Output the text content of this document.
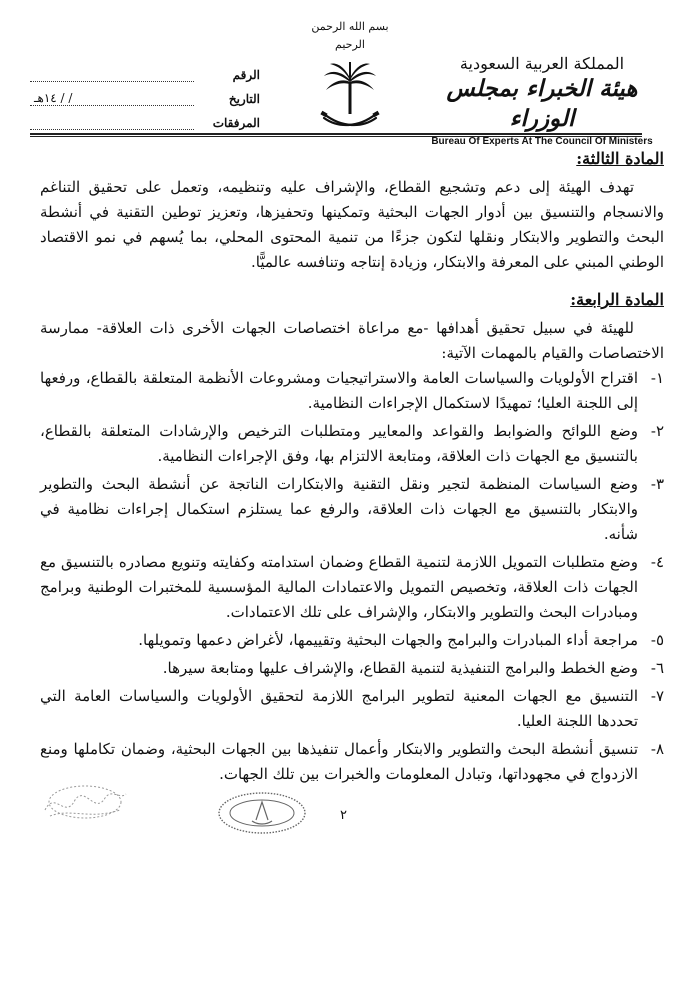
المملكة العربية السعودية
هيئة الخبراء بمجلس الوزراء
Bureau Of Experts At The Council Of Ministers
بسم الله الرحمن الرحيم
الرقم
التاريخ
/ / ١٤هـ
المرفقات
المادة الثالثة:

تهدف الهيئة إلى دعم وتشجيع القطاع، والإشراف عليه وتنظيمه، وتعمل على تحقيق التناغم والانسجام والتنسيق بين أدوار الجهات البحثية وتمكينها وتحفيزها، وتعزيز توطين التقنية في أنشطة البحث والتطوير والابتكار ونقلها لتكون جزءًا من تنمية المحتوى المحلي، بما يُسهم في نمو الاقتصاد الوطني المبني على المعرفة والابتكار، وزيادة إنتاجه وتنافسه عالميًّا.

المادة الرابعة:

للهيئة في سبيل تحقيق أهدافها -مع مراعاة اختصاصات الجهات الأخرى ذات العلاقة- ممارسة الاختصاصات والقيام بالمهمات الآتية:

١-
اقتراح الأولويات والسياسات العامة والاستراتيجيات ومشروعات الأنظمة المتعلقة بالقطاع، ورفعها إلى اللجنة العليا؛ تمهيدًا لاستكمال الإجراءات النظامية.
٢-
وضع اللوائح والضوابط والقواعد والمعايير ومتطلبات الترخيص والإرشادات المتعلقة بالقطاع، بالتنسيق مع الجهات ذات العلاقة، ومتابعة الالتزام بها، وفق الإجراءات النظامية.
٣-
وضع السياسات المنظمة لتجير ونقل التقنية والابتكارات الناتجة عن أنشطة البحث والتطوير والابتكار بالتنسيق مع الجهات ذات العلاقة، والرفع عما يستلزم استكمال إجراءات نظامية في شأنه.
٤-
وضع متطلبات التمويل اللازمة لتنمية القطاع وضمان استدامته وكفايته وتنويع مصادره بالتنسيق مع الجهات ذات العلاقة، وتخصيص التمويل والاعتمادات المالية المؤسسية للمختبرات الوطنية وبرامج ومبادرات البحث والتطوير والابتكار، والإشراف على تلك الاعتمادات.
٥-
مراجعة أداء المبادرات والبرامج والجهات البحثية وتقييمها، لأغراض دعمها وتمويلها.
٦-
وضع الخطط والبرامج التنفيذية لتنمية القطاع، والإشراف عليها ومتابعة سيرها.
٧-
التنسيق مع الجهات المعنية لتطوير البرامج اللازمة لتحقيق الأولويات والسياسات العامة التي تحددها اللجنة العليا.
٨-
تنسيق أنشطة البحث والتطوير والابتكار وأعمال تنفيذها بين الجهات البحثية، وضمان تكاملها ومنع الازدواج في مجهوداتها، وتبادل المعلومات والخبرات بين تلك الجهات.
٢
